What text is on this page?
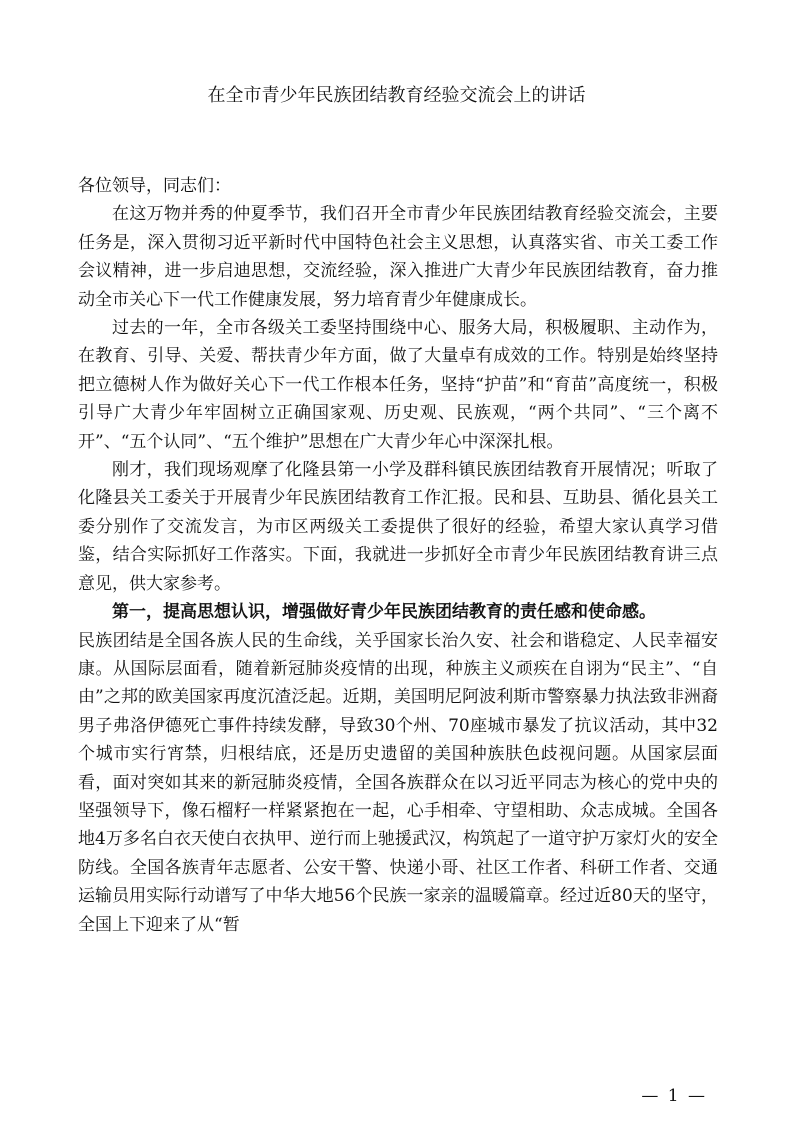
在全市青少年民族团结教育经验交流会上的讲话

各位领导，同志们：

在这万物并秀的仲夏季节，我们召开全市青少年民族团结教育经验交流会，主要任务是，深入贯彻习近平新时代中国特色社会主义思想，认真落实省、市关工委工作会议精神，进一步启迪思想，交流经验，深入推进广大青少年民族团结教育，奋力推动全市关心下一代工作健康发展，努力培育青少年健康成长。

过去的一年，全市各级关工委坚持围绕中心、服务大局，积极履职、主动作为，在教育、引导、关爱、帮扶青少年方面，做了大量卓有成效的工作。特别是始终坚持把立德树人作为做好关心下一代工作根本任务，坚持“护苗”和“育苗”高度统一，积极引导广大青少年牢固树立正确国家观、历史观、民族观，“两个共同”、“三个离不开”、“五个认同”、“五个维护”思想在广大青少年心中深深扎根。

刚才，我们现场观摩了化隆县第一小学及群科镇民族团结教育开展情况；听取了化隆县关工委关于开展青少年民族团结教育工作汇报。民和县、互助县、循化县关工委分别作了交流发言，为市区两级关工委提供了很好的经验，希望大家认真学习借鉴，结合实际抓好工作落实。下面，我就进一步抓好全市青少年民族团结教育讲三点意见，供大家参考。

第一，提高思想认识，增强做好青少年民族团结教育的责任感和使命感。

民族团结是全国各族人民的生命线，关乎国家长治久安、社会和谐稳定、人民幸福安康。从国际层面看，随着新冠肺炎疫情的出现，种族主义顽疾在自诩为“民主”、“自由”之邦的欧美国家再度沉渣泛起。近期，美国明尼阿波利斯市警察暴力执法致非洲裔男子弗洛伊德死亡事件持续发酵，导致30个州、70座城市暴发了抗议活动，其中32个城市实行宵禁，归根结底，还是历史遗留的美国种族肤色歧视问题。从国家层面看，面对突如其来的新冠肺炎疫情，全国各族群众在以习近平同志为核心的党中央的坚强领导下，像石榴籽一样紧紧抱在一起，心手相牵、守望相助、众志成城。全国各地4万多名白衣天使白衣执甲、逆行而上驰援武汉，构筑起了一道守护万家灯火的安全防线。全国各族青年志愿者、公安干警、快递小哥、社区工作者、科研工作者、交通运输员用实际行动谱写了中华大地56个民族一家亲的温暖篇章。经过近80天的坚守，全国上下迎来了从“暂

— 1 —
